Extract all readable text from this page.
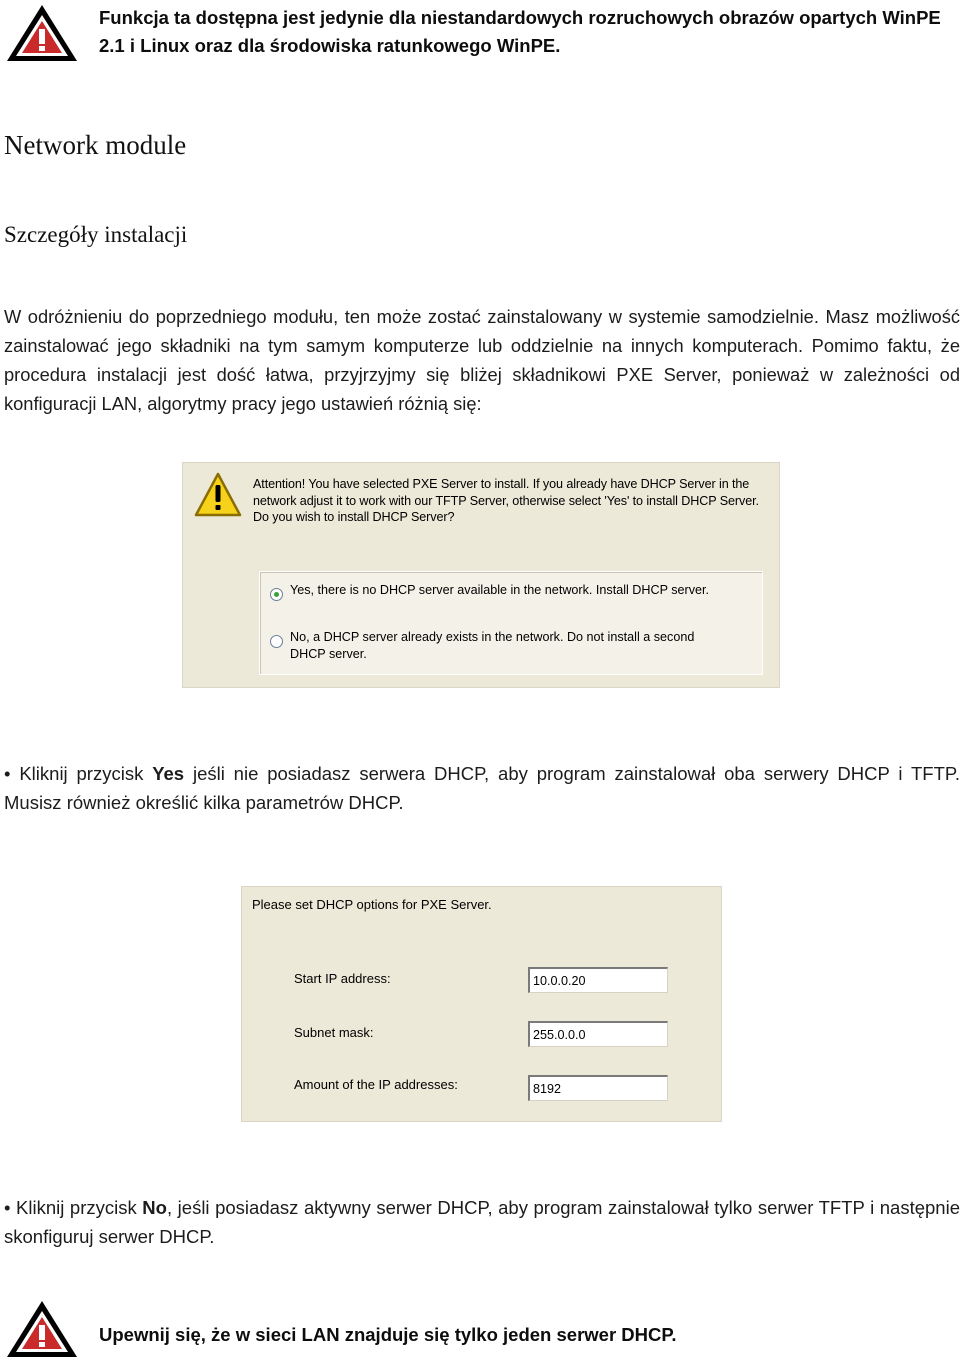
Funkcja ta dostępna jest jedynie dla niestandardowych rozruchowych obrazów opartych WinPE 2.1 i Linux oraz dla środowiska ratunkowego WinPE.
Network module
Szczegóły instalacji
W odróżnieniu do poprzedniego modułu, ten może zostać zainstalowany w systemie samodzielnie. Masz możliwość zainstalować jego składniki na tym samym komputerze lub oddzielnie na innych komputerach. Pomimo faktu, że procedura instalacji jest dość łatwa, przyjrzyjmy się bliżej składnikowi PXE Server, ponieważ w zależności od konfiguracji LAN, algorytmy pracy jego ustawień różnią się:
Attention! You have selected PXE Server to install. If you already have DHCP Server in the network adjust it to work with our TFTP Server, otherwise select 'Yes' to install DHCP Server. Do you wish to install DHCP Server?
Yes, there is no DHCP server available in the network. Install DHCP server.
No, a DHCP server already exists in the network. Do not install a second DHCP server.
• Kliknij przycisk Yes jeśli nie posiadasz serwera DHCP, aby program zainstalował oba serwery DHCP i TFTP. Musisz również określić kilka parametrów DHCP.
Please set DHCP options for PXE Server.
Start IP address:	10.0.0.20
Subnet mask:	255.0.0.0
Amount of the IP addresses:	8192
• Kliknij przycisk No, jeśli posiadasz aktywny serwer DHCP, aby program zainstalował tylko serwer TFTP i następnie skonfiguruj serwer DHCP.
Upewnij się, że w sieci LAN znajduje się tylko jeden serwer DHCP.
